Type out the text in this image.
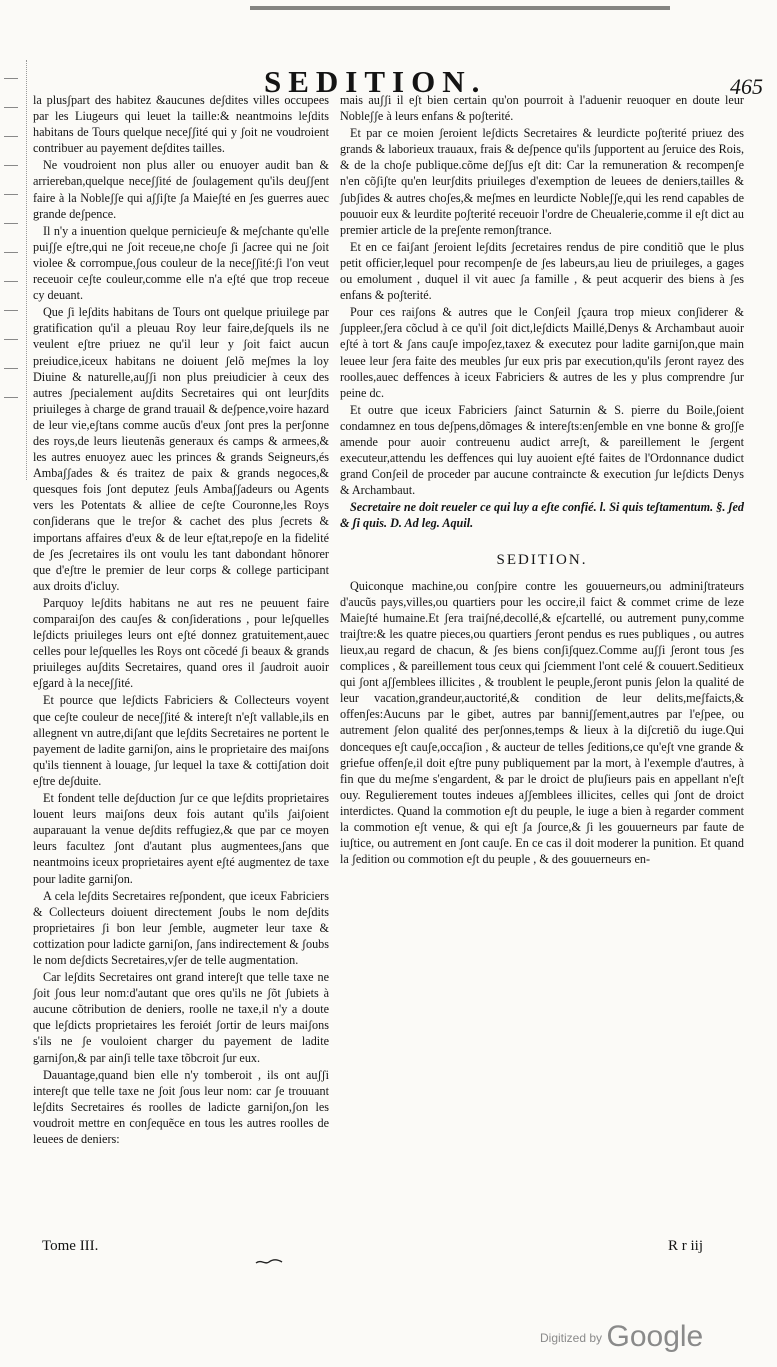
SEDITION.	465

la plusʃpart des habitez &aucunes deʃdites villes occupees par les Liugeurs qui leuet la taille:& neantmoins leʃdits habitans de Tours quelque neceʃʃité qui y ʃoit ne voudroient contribuer au payement deʃdites tailles.

Ne voudroient non plus aller ou enuoyer audit ban & arriereban,quelque neceʃʃité de ʃoulagement qu'ils deuʃʃent faire à la Nobleʃʃe qui aʃʃiʃte ʃa Maieʃté en ʃes guerres auec grande deʃpence.

Il n'y a inuention quelque pernicieuʃe & meʃchante qu'elle puiʃʃe eʃtre,qui ne ʃoit receue,ne choʃe ʃi ʃacree qui ne ʃoit violee & corrompue,ʃous couleur de la neceʃʃité:ʃi l'on veut receuoir ceʃte couleur,comme elle n'a eʃté que trop receue cy deuant.

Que ʃi leʃdits habitans de Tours ont quelque priuilege par gratification qu'il a pleuau Roy leur faire,deʃquels ils ne veulent eʃtre priuez ne qu'il leur y ʃoit faict aucun preiudice,iceux habitans ne doiuent ʃelõ meʃmes la loy Diuine & naturelle,auʃʃi non plus preiudicier à ceux des autres ʃpecialement auʃdits Secretaires qui ont leurʃdits priuileges à charge de grand trauail & deʃpence,voire hazard de leur vie,eʃtans comme aucũs d'eux ʃont pres la perʃonne des roys,de leurs lieutenãs generaux és camps & armees,& les autres enuoyez auec les princes & grands Seigneurs,és Ambaʃʃades & és traitez de paix & grands negoces,& quesques fois ʃont deputez ʃeuls Ambaʃʃadeurs ou Agents vers les Potentats & alliee de ceʃte Couronne,les Roys conʃiderans que le treʃor & cachet des plus ʃecrets & importans affaires d'eux & de leur eʃtat,repoʃe en la fidelité de ʃes ʃecretaires ils ont voulu les tant dabondant hõnorer que d'eʃtre le premier de leur corps & college participant aux droits d'icluy.

Parquoy leʃdits habitans ne aut res ne peuuent faire comparaiʃon des cauʃes & conʃiderations , pour leʃquelles leʃdicts priuileges leurs ont eʃté donnez gratuitement,auec celles pour leʃquelles les Roys ont cõcedé ʃi beaux & grands priuileges auʃdits Secretaires, quand ores il ʃaudroit auoir eʃgard à la neceʃʃité.

Et pource que leʃdicts Fabriciers & Collecteurs voyent que ceʃte couleur de neceʃʃité & intereʃt n'eʃt vallable,ils en allegnent vn autre,diʃant que leʃdits Secretaires ne portent le payement de ladite garniʃon, ains le proprietaire des maiʃons qu'ils tiennent à louage, ʃur lequel la taxe & cottiʃation doit eʃtre deʃduite.

Et fondent telle deʃduction ʃur ce que leʃdits proprietaires louent leurs maiʃons deux fois autant qu'ils ʃaiʃoient auparauant la venue deʃdits reffugiez,& que par ce moyen leurs facultez ʃont d'autant plus augmentees,ʃans que neantmoins iceux proprietaires ayent eʃté augmentez de taxe pour ladite garniʃon.

A cela leʃdits Secretaires reʃpondent, que iceux Fabriciers & Collecteurs doiuent directement ʃoubs le nom deʃdits proprietaires ʃi bon leur ʃemble, augmeter leur taxe & cottization pour ladicte garniʃon, ʃans indirectement & ʃoubs le nom deʃdicts Secretaires,vʃer de telle augmentation.

Car leʃdits Secretaires ont grand intereʃt que telle taxe ne ʃoit ʃous leur nom:d'autant que ores qu'ils ne ʃõt ʃubiets à aucune cõtribution de deniers, roolle ne taxe,il n'y a doute que leʃdicts proprietaires les feroiét ʃortir de leurs maiʃons s'ils ne ʃe vouloient charger du payement de ladite garniʃon,& par ainʃi telle taxe tõbcroit ʃur eux.

Dauantage,quand bien elle n'y tomberoit , ils ont auʃʃi intereʃt que telle taxe ne ʃoit ʃous leur nom: car ʃe trouuant leʃdits Secretaires és roolles de ladicte garniʃon,ʃon les voudroit mettre en conʃequẽce en tous les autres roolles de leuees de deniers:

mais auʃʃi il eʃt bien certain qu'on pourroit à l'aduenir reuoquer en doute leur Nobleʃʃe à leurs enfans & poʃterité.

Et par ce moien ʃeroient leʃdicts Secretaires & leurdicte poʃterité priuez des grands & laborieux trauaux, frais & deʃpence qu'ils ʃupportent au ʃeruice des Rois, & de la choʃe publique.cõme deʃʃus eʃt dit: Car la remuneration & recompenʃe n'en cõʃiʃte qu'en leurʃdits priuileges d'exemption de leuees de deniers,tailles & ʃubʃides & autres choʃes,& meʃmes en leurdicte Nobleʃʃe,qui les rend capables de pouuoir eux & leurdite poʃterité receuoir l'ordre de Cheualerie,comme il eʃt dict au premier article de la preʃente remonʃtrance.

Et en ce faiʃant ʃeroient leʃdits ʃecretaires rendus de pire conditiõ que le plus petit officier,lequel pour recompenʃe de ʃes labeurs,au lieu de priuileges, a gages ou emolument , duquel il vit auec ʃa famille , & peut acquerir des biens à ʃes enfans & poʃterité.

Pour ces raiʃons & autres que le Conʃeil ʃçaura trop mieux conʃiderer & ʃuppleer,ʃera cõclud à ce qu'il ʃoit dict,leʃdicts Maillé,Denys & Archambaut auoir eʃté à tort & ʃans cauʃe impoʃez,taxez & executez pour ladite garniʃon,que main leuee leur ʃera faite des meubles ʃur eux pris par execution,qu'ils ʃeront rayez des roolles,auec deffences à iceux Fabriciers & autres de les y plus comprendre ʃur peine dc.

Et outre que iceux Fabriciers ʃainct Saturnin & S. pierre du Boile,ʃoient condamnez en tous deʃpens,dõmages & intereʃts:enʃemble en vne bonne & groʃʃe amende pour auoir contreuenu audict arreʃt, & pareillement le ʃergent executeur,attendu les deffences qui luy auoient eʃté faites de l'Ordonnance dudict grand Conʃeil de proceder par aucune contraincte & execution ʃur leʃdicts Denys & Archambaut.

Secretaire ne doit reueler ce qui luy a eʃte confié. l. Si quis teʃtamentum. §. ʃed & ʃi quis. D. Ad leg. Aquil.

SEDITION.

Quiconque machine,ou conʃpire contre les gouuerneurs,ou adminiʃtrateurs d'aucũs pays,villes,ou quartiers pour les occire,il faict & commet crime de leze Maieʃté humaine.Et ʃera traiʃné,decollé,& eʃcartellé, ou autrement puny,comme traiʃtre:& les quatre pieces,ou quartiers ʃeront pendus es rues publiques , ou autres lieux,au regard de chacun, & ʃes biens conʃiʃquez.Comme auʃʃi ʃeront tous ʃes complices , & pareillement tous ceux qui ʃciemment l'ont celé & couuert.Seditieux qui ʃont aʃʃemblees illicites , & troublent le peuple,ʃeront punis ʃelon la qualité de leur vacation,grandeur,auctorité,& condition de leur delits,meʃfaicts,& offenʃes:Aucuns par le gibet, autres par banniʃʃement,autres par l'eʃpee, ou autrement ʃelon qualité des perʃonnes,temps & lieux à la diʃcretiõ du iuge.Qui donceques eʃt cauʃe,occaʃion , & aucteur de telles ʃeditions,ce qu'eʃt vne grande & griefue offenʃe,il doit eʃtre puny publiquement par la mort, à l'exemple d'autres, à fin que du meʃme s'engardent, & par le droict de pluʃieurs pais en appellant n'eʃt ouy. Regulierement toutes indeues aʃʃemblees illicites, celles qui ʃont de droict interdictes. Quand la commotion eʃt du peuple, le iuge a bien à regarder comment la commotion eʃt venue, & qui eʃt ʃa ʃource,& ʃi les gouuerneurs par faute de iuʃtice, ou autrement en ʃont cauʃe. En ce cas il doit moderer la punition. Et quand la ʃedition ou commotion eʃt du peuple , & des gouuerneurs en-

Tome III.	R r iij
$^{Digitized by}$ Google
